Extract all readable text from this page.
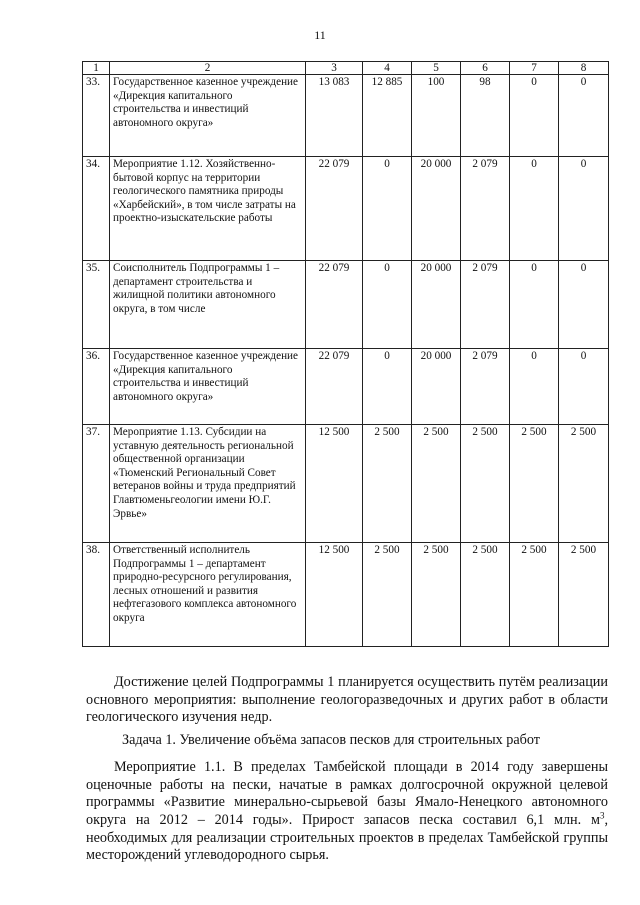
11
1	2	3	4	5	6	7	8
33.	Государственное казенное учреждение «Дирекция капитального строительства и инвестиций автономного округа»	13 083	12 885	100	98	0	0
34.	Мероприятие 1.12. Хозяйственно-бытовой корпус на территории геологического памятника природы «Харбейский», в том числе затраты на проектно-изыскательские работы	22 079	0	20 000	2 079	0	0
35.	Соисполнитель Подпрограммы 1 – департамент строительства и жилищной политики автономного округа, в том числе	22 079	0	20 000	2 079	0	0
36.	Государственное казенное учреждение «Дирекция капитального строительства и инвестиций автономного округа»	22 079	0	20 000	2 079	0	0
37.	Мероприятие 1.13. Субсидии на уставную деятельность региональной общественной организации «Тюменский Региональный Совет ветеранов войны и труда предприятий Главтюменьгеологии имени Ю.Г. Эрвье»	12 500	2 500	2 500	2 500	2 500	2 500
38.	Ответственный исполнитель Подпрограммы 1 – департамент природно-ресурсного регулирования, лесных отношений и развития нефтегазового комплекса автономного округа	12 500	2 500	2 500	2 500	2 500	2 500

Достижение целей Подпрограммы 1 планируется осуществить путём реализации основного мероприятия: выполнение геологоразведочных и других работ в области геологического изучения недр.

Задача 1. Увеличение объёма запасов песков для строительных работ

Мероприятие 1.1. В пределах Тамбейской площади в 2014 году завершены оценочные работы на пески, начатые в рамках долгосрочной окружной целевой программы «Развитие минерально-сырьевой базы Ямало-Ненецкого автономного округа на 2012 – 2014 годы». Прирост запасов песка составил 6,1 млн. $м^3$, необходимых для реализации строительных проектов в пределах Тамбейской группы месторождений углеводородного сырья.
